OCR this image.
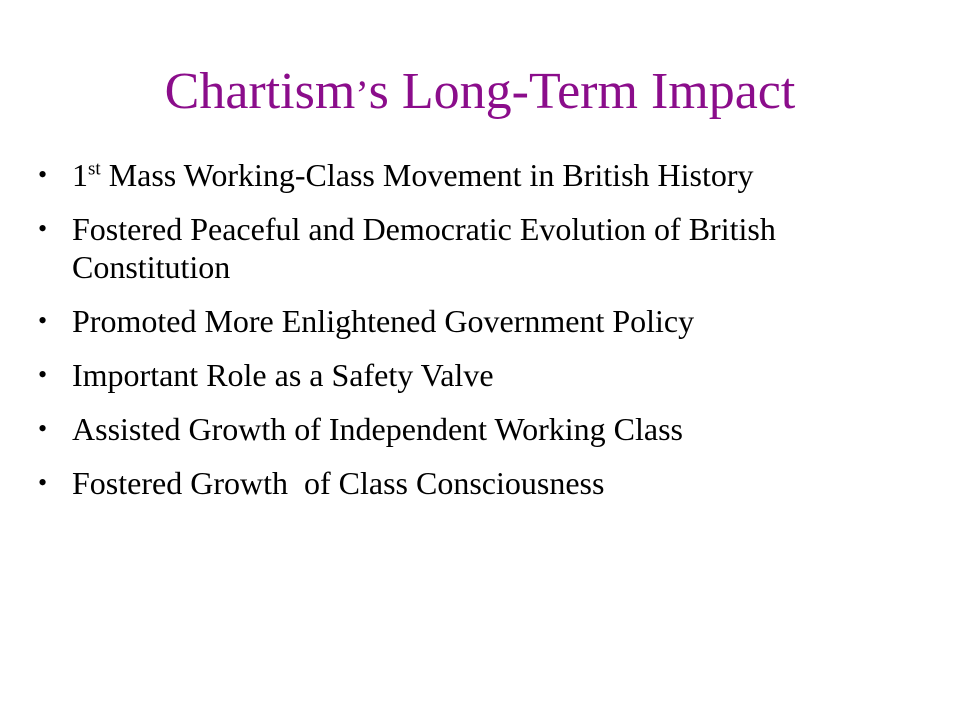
Chartism’s Long-Term Impact
• 1st Mass Working-Class Movement in British History
• Fostered Peaceful and Democratic Evolution of British Constitution
• Promoted More Enlightened Government Policy
• Important Role as a Safety Valve
• Assisted Growth of Independent Working Class
• Fostered Growth  of Class Consciousness
